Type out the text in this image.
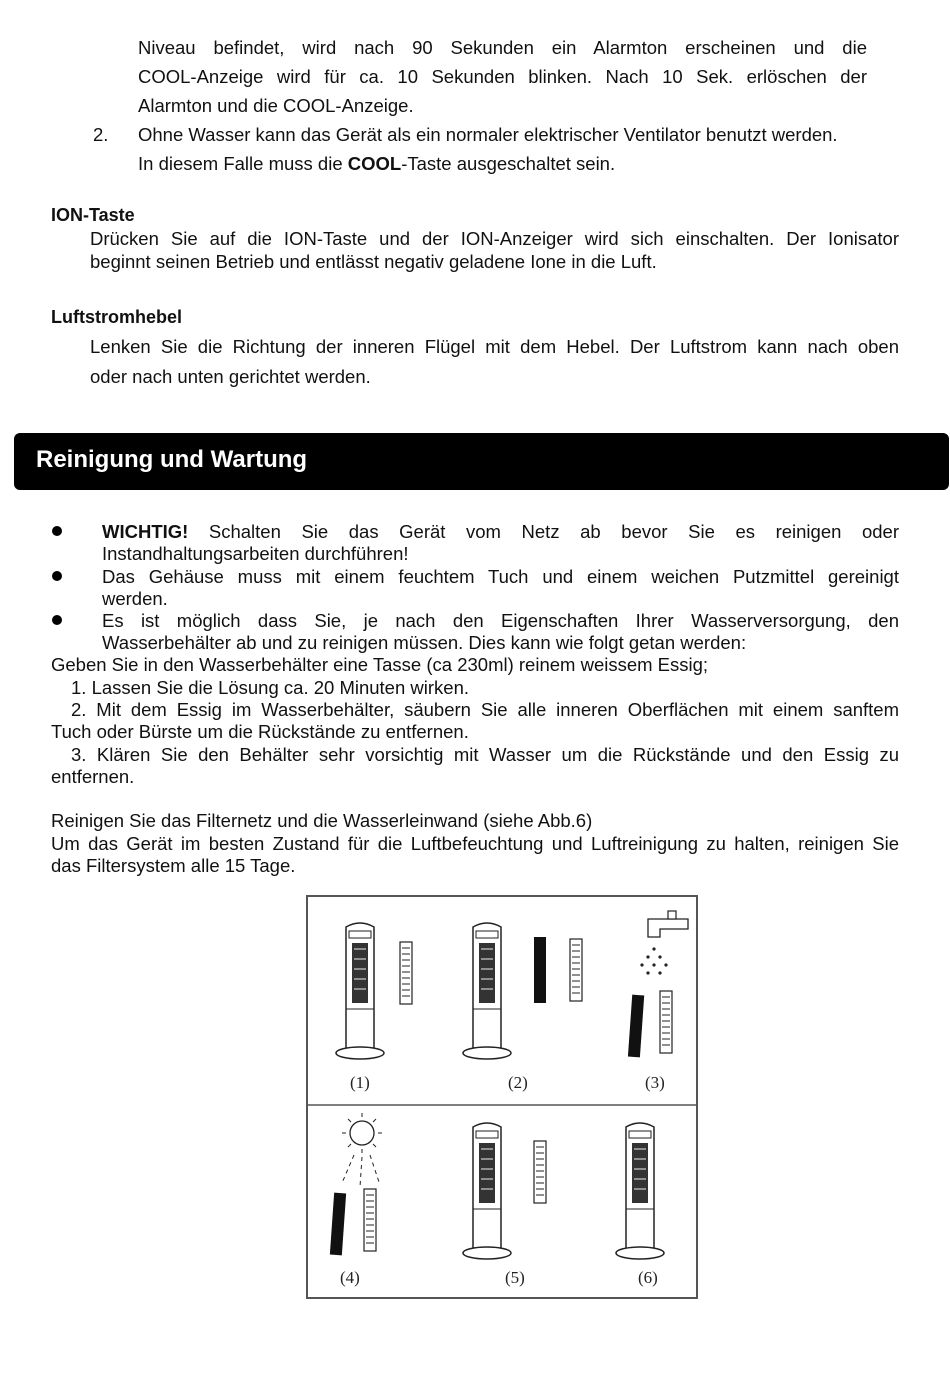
Niveau befindet, wird nach 90 Sekunden ein Alarmton erscheinen und die
COOL-Anzeige wird für ca. 10 Sekunden blinken. Nach 10 Sek. erlöschen der
Alarmton und die COOL-Anzeige.
2. Ohne Wasser kann das Gerät als ein normaler elektrischer Ventilator benutzt werden.
In diesem Falle muss die COOL-Taste ausgeschaltet sein.
ION-Taste
Drücken Sie auf die ION-Taste und der ION-Anzeiger wird sich einschalten. Der Ionisator
beginnt seinen Betrieb und entlässt negativ geladene Ione in die Luft.
Luftstromhebel
Lenken Sie die Richtung der inneren Flügel mit dem Hebel. Der Luftstrom kann nach oben
oder nach unten gerichtet werden.
Reinigung und Wartung
WICHTIG! Schalten Sie das Gerät vom Netz ab bevor Sie es reinigen oder
Instandhaltungsarbeiten durchführen!
Das Gehäuse muss mit einem feuchtem Tuch und einem weichen Putzmittel gereinigt
werden.
Es ist möglich dass Sie, je nach den Eigenschaften Ihrer Wasserversorgung, den
Wasserbehälter ab und zu reinigen müssen. Dies kann wie folgt getan werden:
Geben Sie in den Wasserbehälter eine Tasse (ca 230ml) reinem weissem Essig;
1. Lassen Sie die Lösung ca. 20 Minuten wirken.
2. Mit dem Essig im Wasserbehälter, säubern Sie alle inneren Oberflächen mit einem sanftem
Tuch oder Bürste um die Rückstände zu entfernen.
3. Klären Sie den Behälter sehr vorsichtig mit Wasser um die Rückstände und den Essig zu
entfernen.
Reinigen Sie das Filternetz und die Wasserleinwand (siehe Abb.6)
Um das Gerät im besten Zustand für die Luftbefeuchtung und Luftreinigung zu halten, reinigen Sie
das Filtersystem alle 15 Tage.
(1)	(2)	(3)
(4)	(5)	(6)
